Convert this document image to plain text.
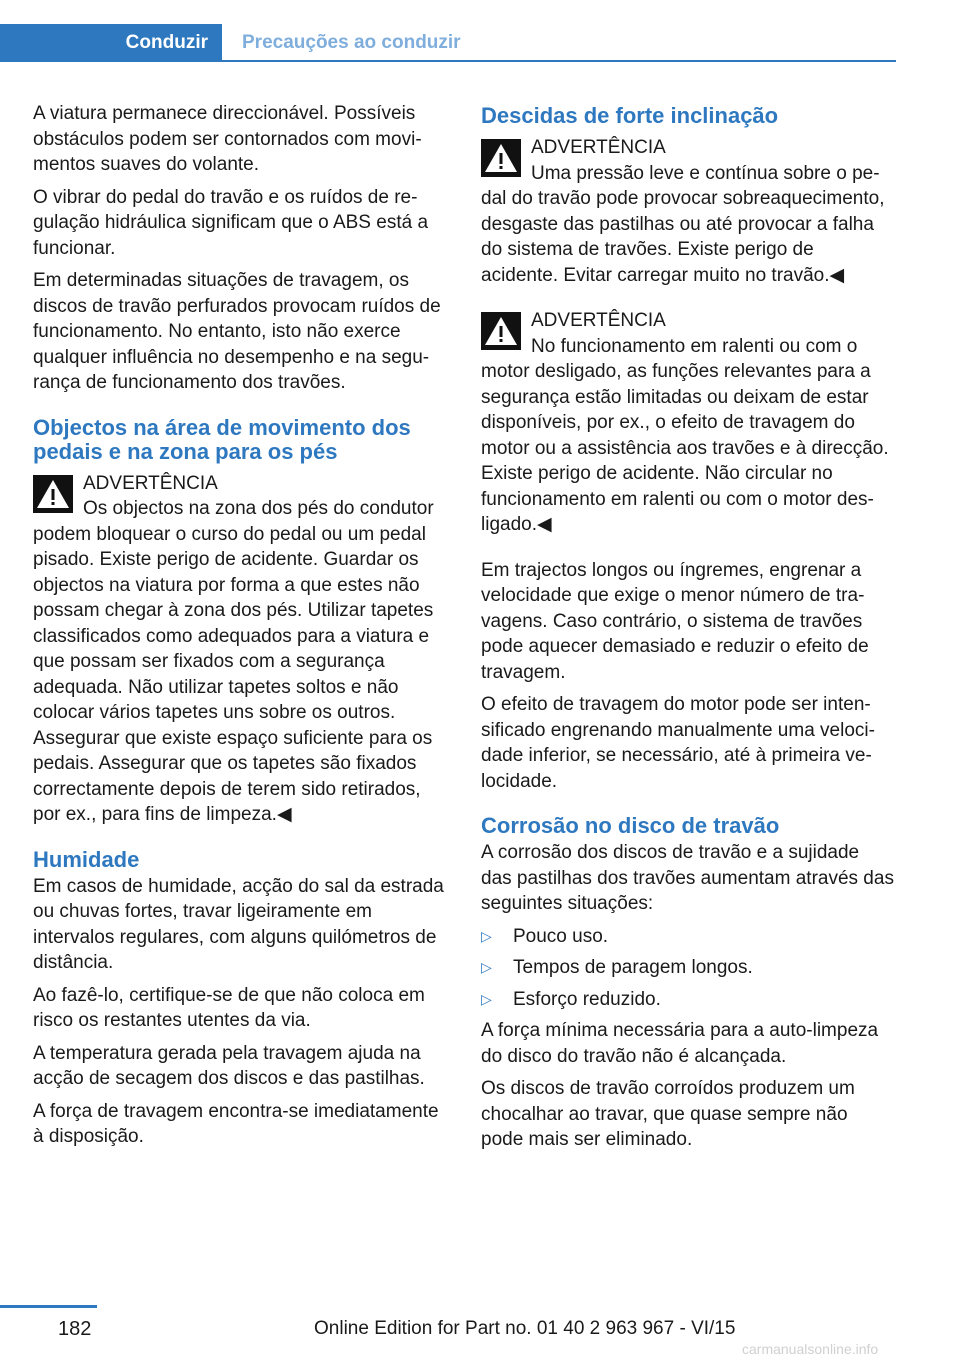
Conduzir	Precauções ao conduzir

A viatura permanece direccionável. Possíveis obstáculos podem ser contornados com movimentos suaves do volante.

O vibrar do pedal do travão e os ruídos de regulação hidráulica significam que o ABS está a funcionar.

Em determinadas situações de travagem, os discos de travão perfurados provocam ruídos de funcionamento. No entanto, isto não exerce qualquer influência no desempenho e na segurança de funcionamento dos travões.

Objectos na área de movimento dos pedais e na zona para os pés
ADVERTÊNCIA
Os objectos na zona dos pés do condutor podem bloquear o curso do pedal ou um pedal pisado. Existe perigo de acidente. Guardar os objectos na viatura por forma a que estes não possam chegar à zona dos pés. Utilizar tapetes classificados como adequados para a viatura e que possam ser fixados com a segurança adequada. Não utilizar tapetes soltos e não colocar vários tapetes uns sobre os outros. Assegurar que existe espaço suficiente para os pedais. Assegurar que os tapetes são fixados correctamente depois de terem sido retirados, por ex., para fins de limpeza.◀
Humidade

Em casos de humidade, acção do sal da estrada ou chuvas fortes, travar ligeiramente em intervalos regulares, com alguns quilómetros de distância.

Ao fazê-lo, certifique-se de que não coloca em risco os restantes utentes da via.

A temperatura gerada pela travagem ajuda na acção de secagem dos discos e das pastilhas.

A força de travagem encontra-se imediatamente à disposição.

Descidas de forte inclinação
ADVERTÊNCIA
Uma pressão leve e contínua sobre o pedal do travão pode provocar sobreaquecimento, desgaste das pastilhas ou até provocar a falha do sistema de travões. Existe perigo de acidente. Evitar carregar muito no travão.◀
ADVERTÊNCIA
No funcionamento em ralenti ou com o motor desligado, as funções relevantes para a segurança estão limitadas ou deixam de estar disponíveis, por ex., o efeito de travagem do motor ou a assistência aos travões e à direcção. Existe perigo de acidente. Não circular no funcionamento em ralenti ou com o motor desligado.◀

Em trajectos longos ou íngremes, engrenar a velocidade que exige o menor número de travagens. Caso contrário, o sistema de travões pode aquecer demasiado e reduzir o efeito de travagem.

O efeito de travagem do motor pode ser intensificado engrenando manualmente uma velocidade inferior, se necessário, até à primeira velocidade.

Corrosão no disco de travão

A corrosão dos discos de travão e a sujidade das pastilhas dos travões aumentam através das seguintes situações:

▷ Pouco uso.
▷ Tempos de paragem longos.
▷ Esforço reduzido.

A força mínima necessária para a auto-limpeza do disco do travão não é alcançada.

Os discos de travão corroídos produzem um chocalhar ao travar, que quase sempre não pode mais ser eliminado.

182	Online Edition for Part no. 01 40 2 963 967 - VI/15
carmanualsonline.info
